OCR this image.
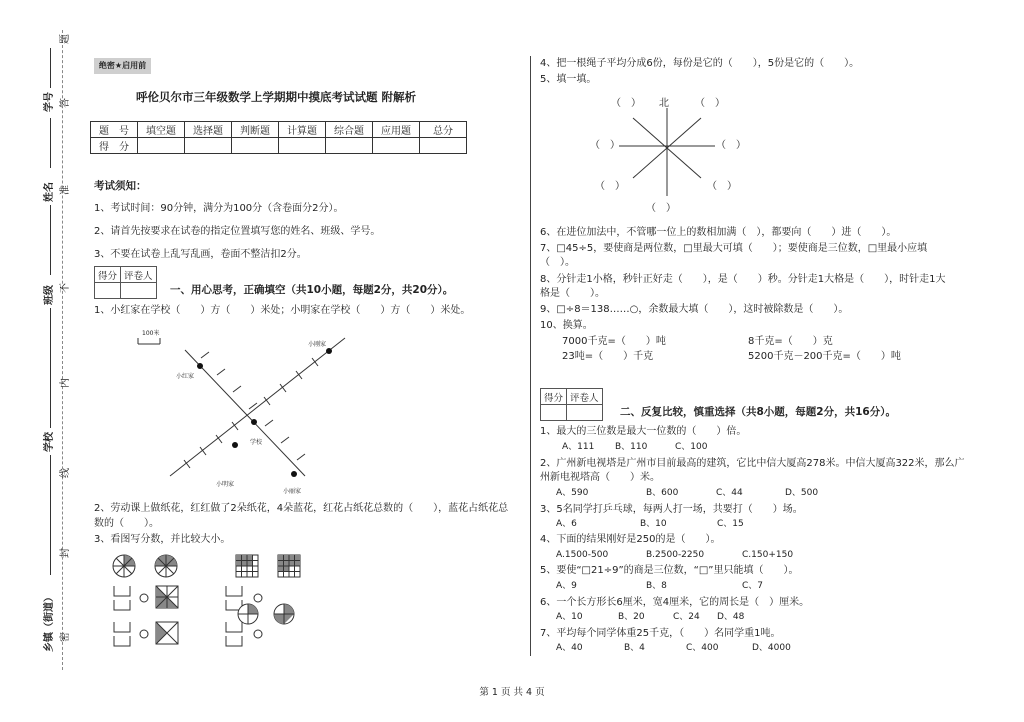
学号
姓名
班级
学校
乡镇（街道）
题
答
准
不
内
线
封
密
绝密★启用前
呼伦贝尔市三年级数学上学期期中摸底考试试题 附解析
题　号	填空题	选择题	判断题	计算题	综合题	应用题	总分
得　分							
考试须知：
1、考试时间：90分钟，满分为100分（含卷面分2分）。
2、请首先按要求在试卷的指定位置填写您的姓名、班级、学号。
3、不要在试卷上乱写乱画，卷面不整洁扣2分。
得分	评卷人

一、用心思考，正确填空（共10小题，每题2分，共20分）。
1、小红家在学校（　　）方（　　）米处；小明家在学校（　　）方（　　）米处。
100米
小刚家
小红家
学校
小明家
小丽家
2、劳动课上做纸花，红红做了2朵纸花，4朵蓝花，红花占纸花总数的（　　），蓝花占纸花总
数的（　　）。
3、看图写分数，并比较大小。
4、把一根绳子平均分成6份，每份是它的（　　），5份是它的（　　）。
5、填一填。
北
（　）	（　）
（　）	（　）
（　）	（　）
（　）
6、在进位加法中，不管哪一位上的数相加满（　），都要向（　　）进（　　）。
7、□45÷5，要使商是两位数，□里最大可填（　　）；要使商是三位数，□里最小应填
（　）。
8、分针走1小格，秒针正好走（　　），是（　　）秒。分针走1大格是（　　），时针走1大
格是（　　）。
9、□÷8＝138……○，余数最大填（　　），这时被除数是（　　）。
10、换算。
7000千克=（　　）吨	8千克=（　　）克
23吨=（　　）千克	5200千克－200千克=（　　）吨
得分	评卷人

二、反复比较，慎重选择（共8小题，每题2分，共16分）。
1、最大的三位数是最大一位数的（　　）倍。
A、111 B、110	C、100
2、广州新电视塔是广州市目前最高的建筑，它比中信大厦高278米。中信大厦高322米，那么广
州新电视塔高（　　）米。
A、590	B、600	C、44	D、500
3、5名同学打乒乓球，每两人打一场，共要打（　　）场。
A、6	B、10	C、15
4、下面的结果刚好是250的是（　　）。
A.1500-500	B.2500-2250	C.150+150
5、要使“□21÷9”的商是三位数，“□”里只能填（　　）。
A、9	B、8	C、7
6、一个长方形长6厘米，宽4厘米，它的周长是（　）厘米。
A、10	B、20	C、24 D、48
7、平均每个同学体重25千克，（　　）名同学重1吨。
A、40	B、4	C、400	D、4000
第 1 页 共 4 页
